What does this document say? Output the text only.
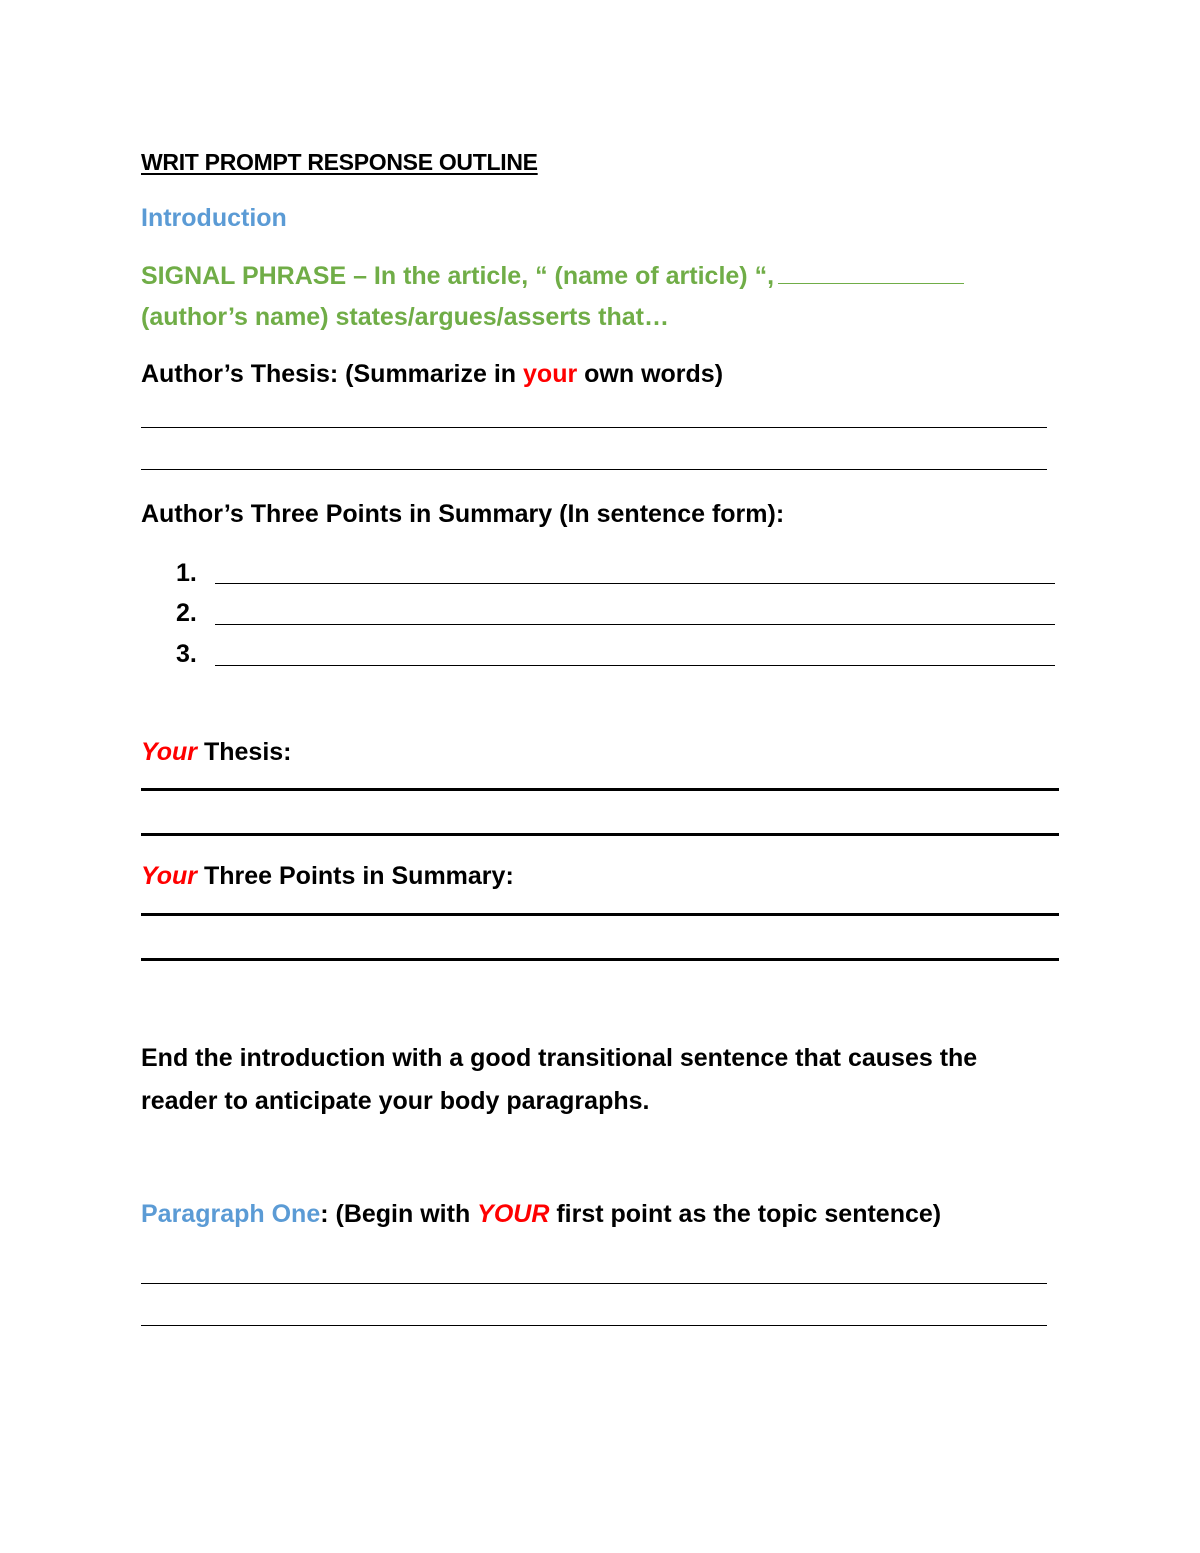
WRIT PROMPT RESPONSE OUTLINE
Introduction
SIGNAL PHRASE – In the article, “ (name of article) “,
(author’s name) states/argues/asserts that…
Author’s Thesis: (Summarize in your own words)
Author’s Three Points in Summary (In sentence form):
1.
2.
3.
Your Thesis:
Your Three Points in Summary:
End the introduction with a good transitional sentence that causes the
reader to anticipate your body paragraphs.
Paragraph One: (Begin with YOUR first point as the topic sentence)
